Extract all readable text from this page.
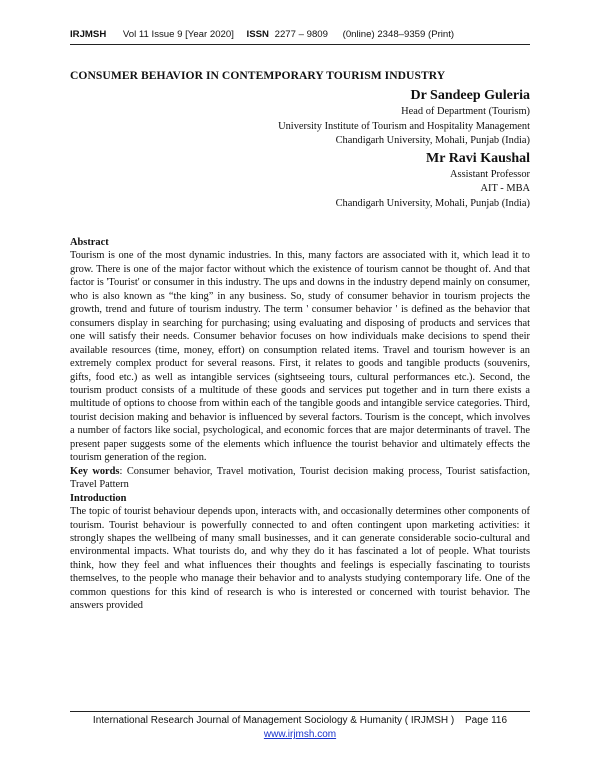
IRJMSH Vol 11 Issue 9 [Year 2020] ISSN 2277 – 9809 (0nline) 2348–9359 (Print)
CONSUMER BEHAVIOR IN CONTEMPORARY TOURISM INDUSTRY
Dr Sandeep Guleria
Head of Department (Tourism)
University Institute of Tourism and Hospitality Management
Chandigarh University, Mohali, Punjab (India)
Mr Ravi Kaushal
Assistant Professor
AIT - MBA
Chandigarh University, Mohali, Punjab (India)
Abstract

Tourism is one of the most dynamic industries. In this, many factors are associated with it, which lead it to grow. There is one of the major factor without which the existence of tourism cannot be thought of. And that factor is 'Tourist' or consumer in this industry. The ups and downs in the industry depend mainly on consumer, who is also known as “the king” in any business. So, study of consumer behavior in tourism projects the growth, trend and future of tourism industry. The term ' consumer behavior ' is defined as the behavior that consumers display in searching for purchasing; using evaluating and disposing of products and services that one will satisfy their needs. Consumer behavior focuses on how individuals make decisions to spend their available resources (time, money, effort) on consumption related items. Travel and tourism however is an extremely complex product for several reasons. First, it relates to goods and tangible products (souvenirs, gifts, food etc.) as well as intangible services (sightseeing tours, cultural performances etc.). Second, the tourism product consists of a multitude of these goods and services put together and in turn there exists a multitude of options to choose from within each of the tangible goods and intangible service categories. Third, tourist decision making and behavior is influenced by several factors. Tourism is the concept, which involves a number of factors like social, psychological, and economic forces that are major determinants of travel. The present paper suggests some of the elements which influence the tourist behavior and ultimately effects the tourism generation of the region.

Key words: Consumer behavior, Travel motivation, Tourist decision making process, Tourist satisfaction, Travel Pattern

Introduction

The topic of tourist behaviour depends upon, interacts with, and occasionally determines other components of tourism. Tourist behaviour is powerfully connected to and often contingent upon marketing activities: it strongly shapes the wellbeing of many small businesses, and it can generate considerable socio-cultural and environmental impacts. What tourists do, and why they do it has fascinated a lot of people. What tourists think, how they feel and what influences their thoughts and feelings is especially fascinating to tourists themselves, to the people who manage their behavior and to analysts studying contemporary life. One of the common questions for this kind of research is who is interested or concerned with tourist behavior. The answers provided

International Research Journal of Management Sociology & Humanity ( IRJMSH ) Page 116
www.irjmsh.com
